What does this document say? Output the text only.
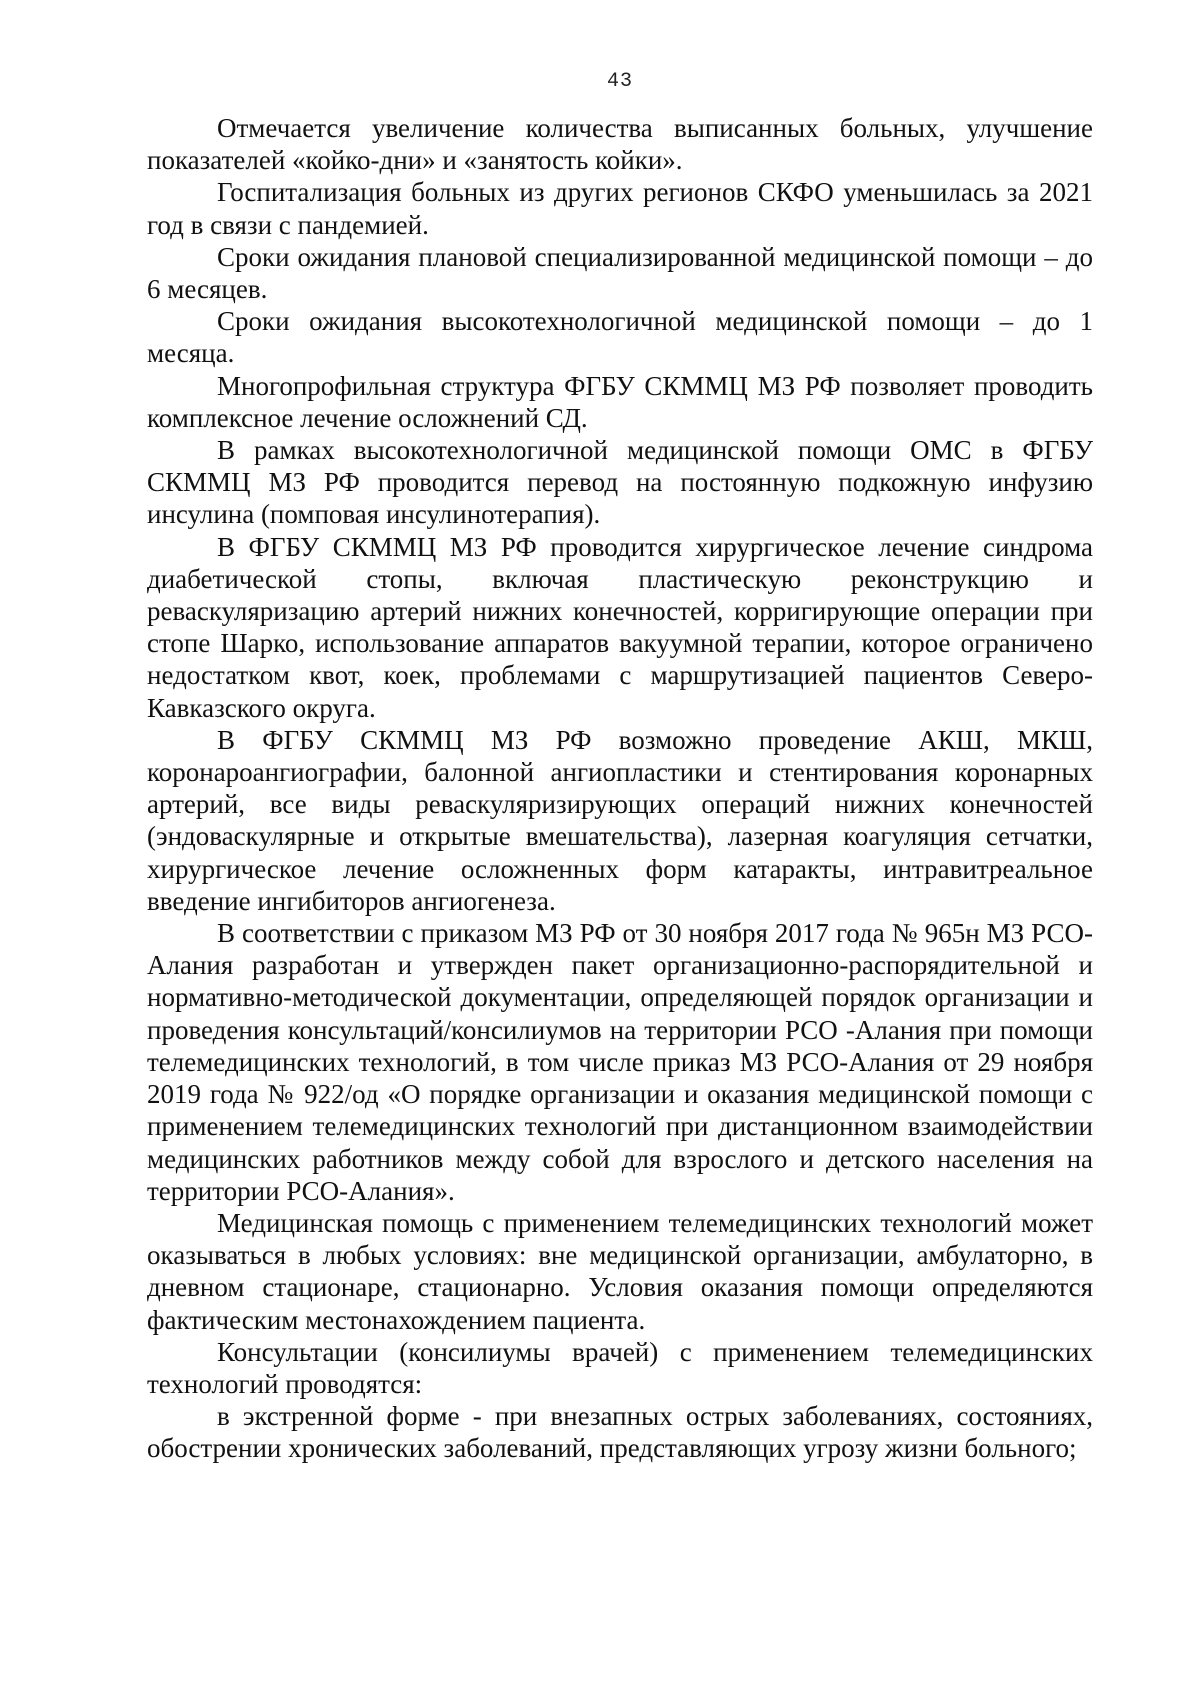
43

Отмечается увеличение количества выписанных больных, улучшение показателей «койко-дни» и «занятость койки».

Госпитализация больных из других регионов СКФО уменьшилась за 2021 год в связи с пандемией.

Сроки ожидания плановой специализированной медицинской помощи – до 6 месяцев.

Сроки ожидания высокотехнологичной медицинской помощи – до 1 месяца.

Многопрофильная структура ФГБУ СКММЦ МЗ РФ позволяет проводить комплексное лечение осложнений СД.

В рамках высокотехнологичной медицинской помощи ОМС в ФГБУ СКММЦ МЗ РФ проводится перевод на постоянную подкожную инфузию инсулина (помповая инсулинотерапия).

В ФГБУ СКММЦ МЗ РФ проводится хирургическое лечение синдрома диабетической стопы, включая пластическую реконструкцию и реваскуляризацию артерий нижних конечностей, корригирующие операции при стопе Шарко, использование аппаратов вакуумной терапии, которое ограничено недостатком квот, коек, проблемами с маршрутизацией пациентов Северо-Кавказского округа.

В ФГБУ СКММЦ МЗ РФ возможно проведение АКШ, МКШ, коронароангиографии, балонной ангиопластики и стентирования коронарных артерий, все виды реваскуляризирующих операций нижних конечностей (эндоваскулярные и открытые вмешательства), лазерная коагуляция сетчатки, хирургическое лечение осложненных форм катаракты, интравитреальное введение ингибиторов ангиогенеза.

В соответствии с приказом МЗ РФ от 30 ноября 2017 года № 965н МЗ РСО-Алания разработан и утвержден пакет организационно-распорядительной и нормативно-методической документации, определяющей порядок организации и проведения консультаций/консилиумов на территории РСО -Алания при помощи телемедицинских технологий, в том числе приказ МЗ РСО-Алания от 29 ноября 2019 года № 922/од «О порядке организации и оказания медицинской помощи с применением телемедицинских технологий при дистанционном взаимодействии медицинских работников между собой для взрослого и детского населения на территории РСО-Алания».

Медицинская помощь с применением телемедицинских технологий может оказываться в любых условиях: вне медицинской организации, амбулаторно, в дневном стационаре, стационарно. Условия оказания помощи определяются фактическим местонахождением пациента.

Консультации (консилиумы врачей) с применением телемедицинских технологий проводятся:

в экстренной форме - при внезапных острых заболеваниях, состояниях, обострении хронических заболеваний, представляющих угрозу жизни больного;
